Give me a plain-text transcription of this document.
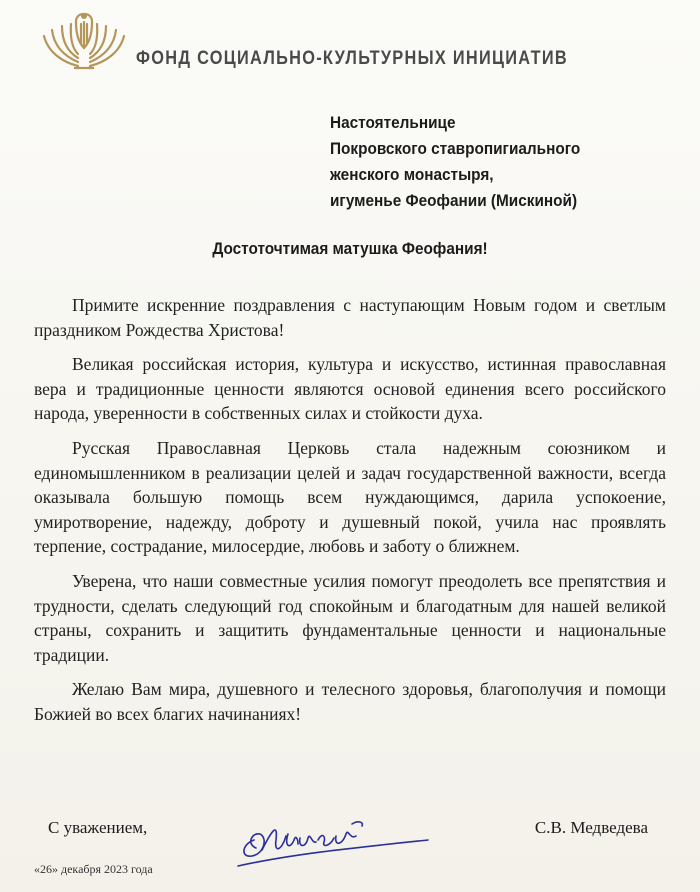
ФОНД СОЦИАЛЬНО-КУЛЬТУРНЫХ ИНИЦИАТИВ
Настоятельнице
Покровского ставропигиального
женского монастыря,
игуменье Феофании (Мискиной)
Достоточтимая матушка Феофания!

Примите искренние поздравления с наступающим Новым годом и светлым праздником Рождества Христова!

Великая российская история, культура и искусство, истинная православная вера и традиционные ценности являются основой единения всего российского народа, уверенности в собственных силах и стойкости духа.

Русская Православная Церковь стала надежным союзником и единомышленником в реализации целей и задач государственной важности, всегда оказывала большую помощь всем нуждающимся, дарила успокоение, умиротворение, надежду, доброту и душевный покой, учила нас проявлять терпение, сострадание, милосердие, любовь и заботу о ближнем.

Уверена, что наши совместные усилия помогут преодолеть все препятствия и трудности, сделать следующий год спокойным и благодатным для нашей великой страны, сохранить и защитить фундаментальные ценности и национальные традиции.

Желаю Вам мира, душевного и телесного здоровья, благополучия и помощи Божией во всех благих начинаниях!

С уважением,	С.В. Медведева
«26» декабря 2023 года
